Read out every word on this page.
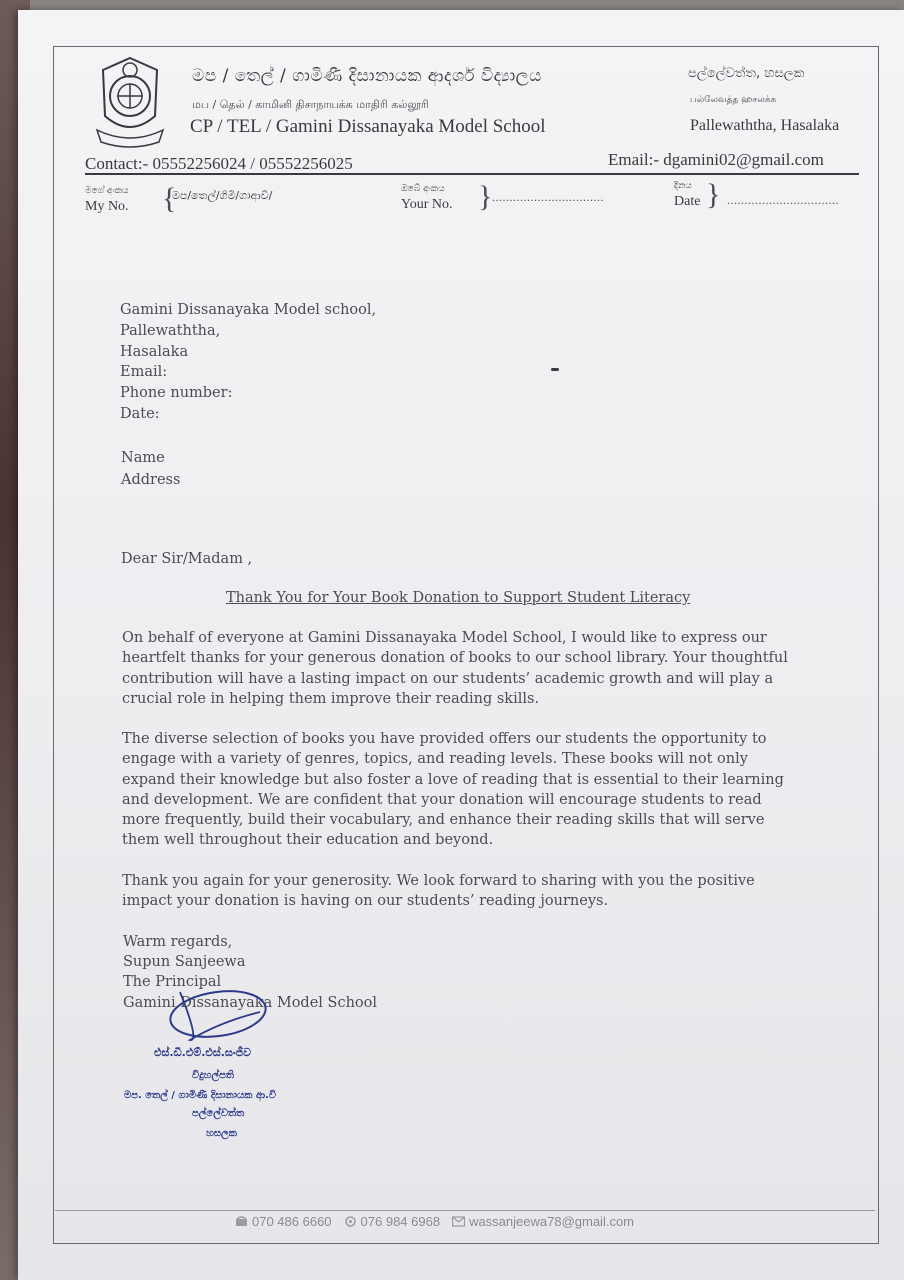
මප / තෙල් / ගාමිණී දිසානායක ආදර්ශ විද්‍යාලය
மப / தெல் / காமினி திசாநாயக்க மாதிரி கல்லூரி
CP / TEL / Gamini Dissanayaka Model School
පල්ලේවත්ත, හසලක
பல்லேவத்த ஹசலக்க
Pallewaththa, Hasalaka
Contact:- 05552256024 / 05552256025	Email:- dgamini02@gmail.com
මගේ අංකය
My No. {
මප/තෙල්/ගිමි/ගාආවි/	ඔබේ අංකය
Your No. } ................................
දිනය
Date } ................................
Gamini Dissanayaka Model school,
Pallewaththa,
Hasalaka
Email:
Phone number:
Date:
Name
Address
Dear Sir/Madam ,
Thank You for Your Book Donation to Support Student Literacy
On behalf of everyone at Gamini Dissanayaka Model School, I would like to express our heartfelt thanks for your generous donation of books to our school library. Your thoughtful contribution will have a lasting impact on our students’ academic growth and will play a crucial role in helping them improve their reading skills.
The diverse selection of books you have provided offers our students the opportunity to engage with a variety of genres, topics, and reading levels. These books will not only expand their knowledge but also foster a love of reading that is essential to their learning and development. We are confident that your donation will encourage students to read more frequently, build their vocabulary, and enhance their reading skills that will serve them well throughout their education and beyond.
Thank you again for your generosity. We look forward to sharing with you the positive impact your donation is having on our students’ reading journeys.
Warm regards,
Supun Sanjeewa
The Principal
Gamini Dissanayaka Model School
එස්.ඩී.එම්.එස්.සංජීව
විදුහල්පති
මප. තෙල් / ගාමිණී දිසානායක ආ.වි
පල්ලේවත්ත
හසලක
070 486 6660	076 984 6968	wassanjeewa78@gmail.com
